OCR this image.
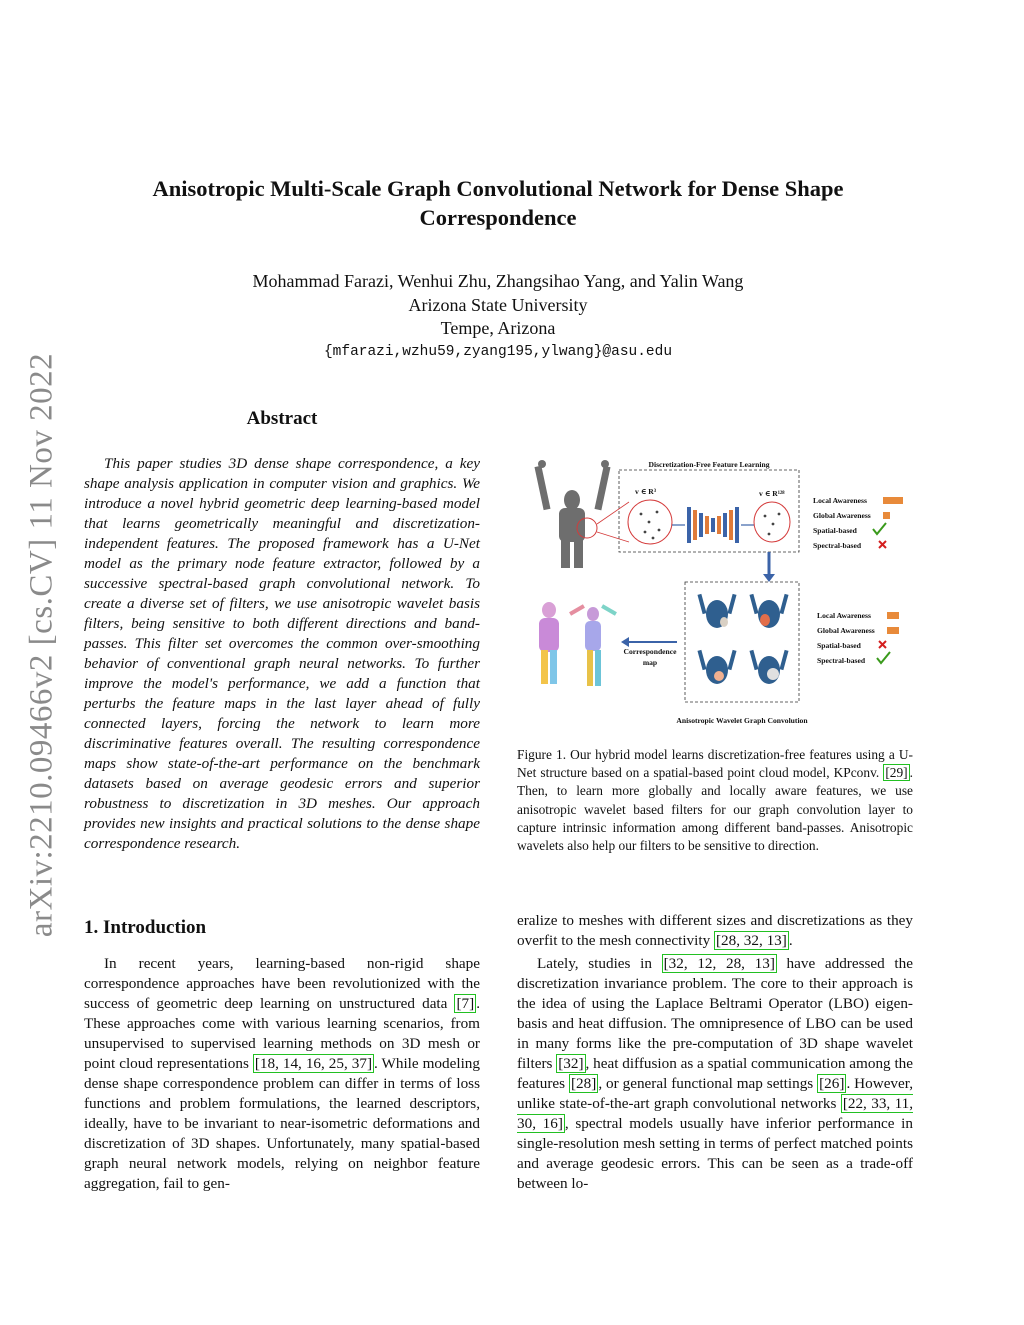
arXiv:2210.09466v2 [cs.CV] 11 Nov 2022
Anisotropic Multi-Scale Graph Convolutional Network for Dense Shape
Correspondence
Mohammad Farazi, Wenhui Zhu, Zhangsihao Yang, and Yalin Wang
Arizona State University
Tempe, Arizona
{mfarazi,wzhu59,zyang195,ylwang}@asu.edu
Abstract

This paper studies 3D dense shape correspondence, a key shape analysis application in computer vision and graphics. We introduce a novel hybrid geometric deep learning-based model that learns geometrically meaningful and discretization-independent features. The proposed framework has a U-Net model as the primary node feature extractor, followed by a successive spectral-based graph convolutional network. To create a diverse set of filters, we use anisotropic wavelet basis filters, being sensitive to both different directions and band-passes. This filter set overcomes the common over-smoothing behavior of conventional graph neural networks. To further improve the model's performance, we add a function that perturbs the feature maps in the last layer ahead of fully connected layers, forcing the network to learn more discriminative features overall. The resulting correspondence maps show state-of-the-art performance on the benchmark datasets based on average geodesic errors and superior robustness to discretization in 3D meshes. Our approach provides new insights and practical solutions to the dense shape correspondence research.

1. Introduction

In recent years, learning-based non-rigid shape correspondence approaches have been revolutionized with the success of geometric deep learning on unstructured data [7] . These approaches come with various learning scenarios, from unsupervised to supervised learning methods on 3D mesh or point cloud representations [18, 14, 16, 25, 37] . While modeling dense shape correspondence problem can differ in terms of loss functions and problem formulations, the learned descriptors, ideally, have to be invariant to near-isometric deformations and discretization of 3D shapes. Unfortunately, many spatial-based graph neural network models, relying on neighbor feature aggregation, fail to gen-

Discretization-Free Feature Learning
v ∈ R³	v ∈ R¹²⁸
Local Awareness
Global Awareness
Spatial-based
Spectral-based
Anisotropic Wavelet Graph Convolution
Local Awareness
Global Awareness
Spatial-based
Spectral-based
Correspondence
map

Figure 1. Our hybrid model learns discretization-free features using a U-Net structure based on a spatial-based point cloud model, KPconv. [29] . Then, to learn more globally and locally aware features, we use anisotropic wavelet based filters for our graph convolution layer to capture intrinsic information among different band-passes. Anisotropic wavelets also help our filters to be sensitive to direction.

eralize to meshes with different sizes and discretizations as they overfit to the mesh connectivity [28, 32, 13] .

Lately, studies in [32, 12, 28, 13] have addressed the discretization invariance problem. The core to their approach is the idea of using the Laplace Beltrami Operator (LBO) eigen-basis and heat diffusion. The omnipresence of LBO can be used in many forms like the pre-computation of 3D shape wavelet filters [32] , heat diffusion as a spatial communication among the features [28] , or general functional map settings [26] . However, unlike state-of-the-art graph convolutional networks [22, 33, 11, 30, 16] , spectral models usually have inferior performance in single-resolution mesh setting in terms of perfect matched points and average geodesic errors. This can be seen as a trade-off between lo-
